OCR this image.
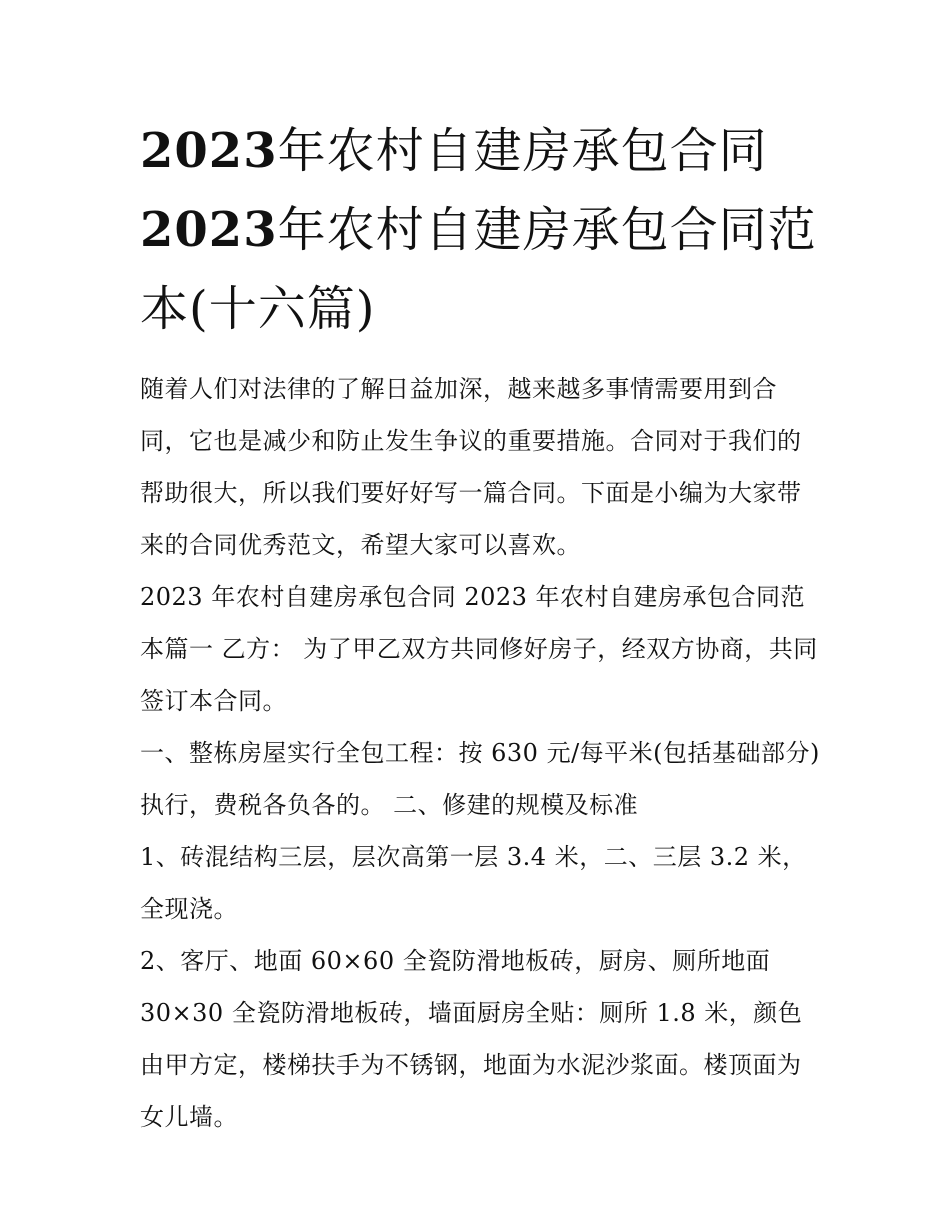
2023年农村自建房承包合同
2023年农村自建房承包合同范本(十六篇)

随着人们对法律的了解日益加深，越来越多事情需要用到合同，它也是减少和防止发生争议的重要措施。合同对于我们的帮助很大，所以我们要好好写一篇合同。下面是小编为大家带来的合同优秀范文，希望大家可以喜欢。

2023 年农村自建房承包合同 2023 年农村自建房承包合同范本篇一 乙方： 为了甲乙双方共同修好房子，经双方协商，共同签订本合同。

一、整栋房屋实行全包工程：按 630 元/每平米(包括基础部分)执行，费税各负各的。 二、修建的规模及标准

1、砖混结构三层，层次高第一层 3.4 米，二、三层 3.2 米，全现浇。

2、客厅、地面 60×60 全瓷防滑地板砖，厨房、厕所地面 30×30 全瓷防滑地板砖，墙面厨房全贴：厕所 1.8 米，颜色由甲方定，楼梯扶手为不锈钢，地面为水泥沙浆面。楼顶面为女儿墙。
